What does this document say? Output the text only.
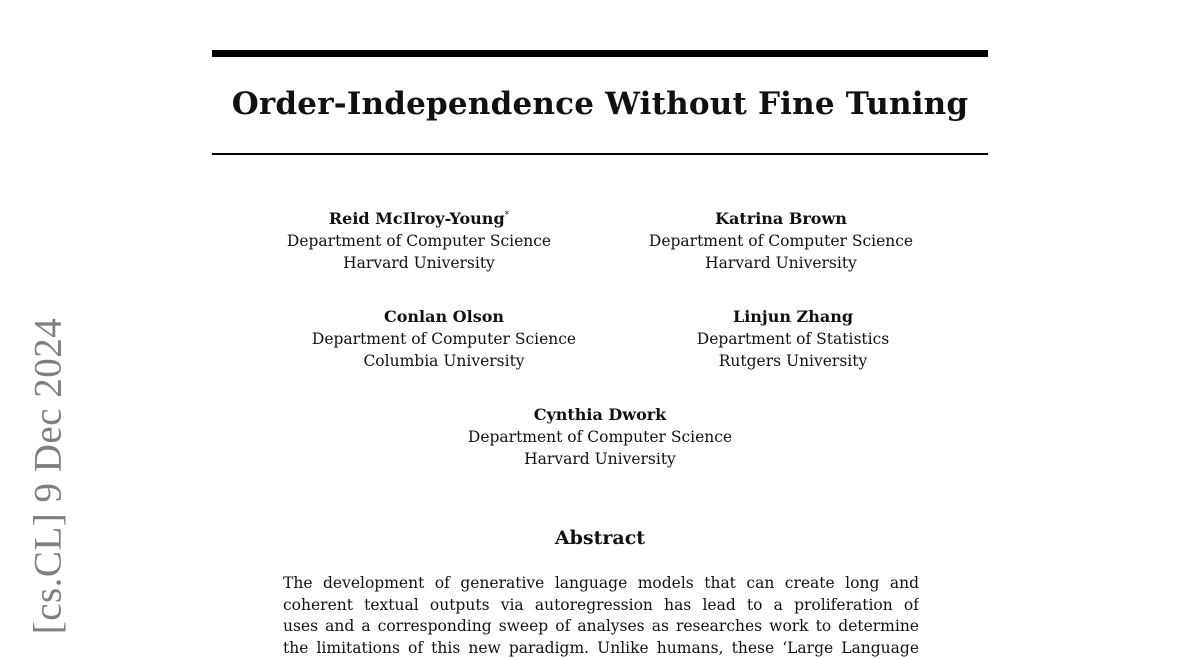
[cs.CL] 9 Dec 2024
Order-Independence Without Fine Tuning
Reid McIlroy-Young*
Department of Computer Science
Harvard University
Katrina Brown
Department of Computer Science
Harvard University
Conlan Olson
Department of Computer Science
Columbia University
Linjun Zhang
Department of Statistics
Rutgers University
Cynthia Dwork
Department of Computer Science
Harvard University
Abstract

The development of generative language models that can create long and
coherent textual outputs via autoregression has lead to a proliferation of
uses and a corresponding sweep of analyses as researches work to determine
the limitations of this new paradigm. Unlike humans, these ‘Large Language
